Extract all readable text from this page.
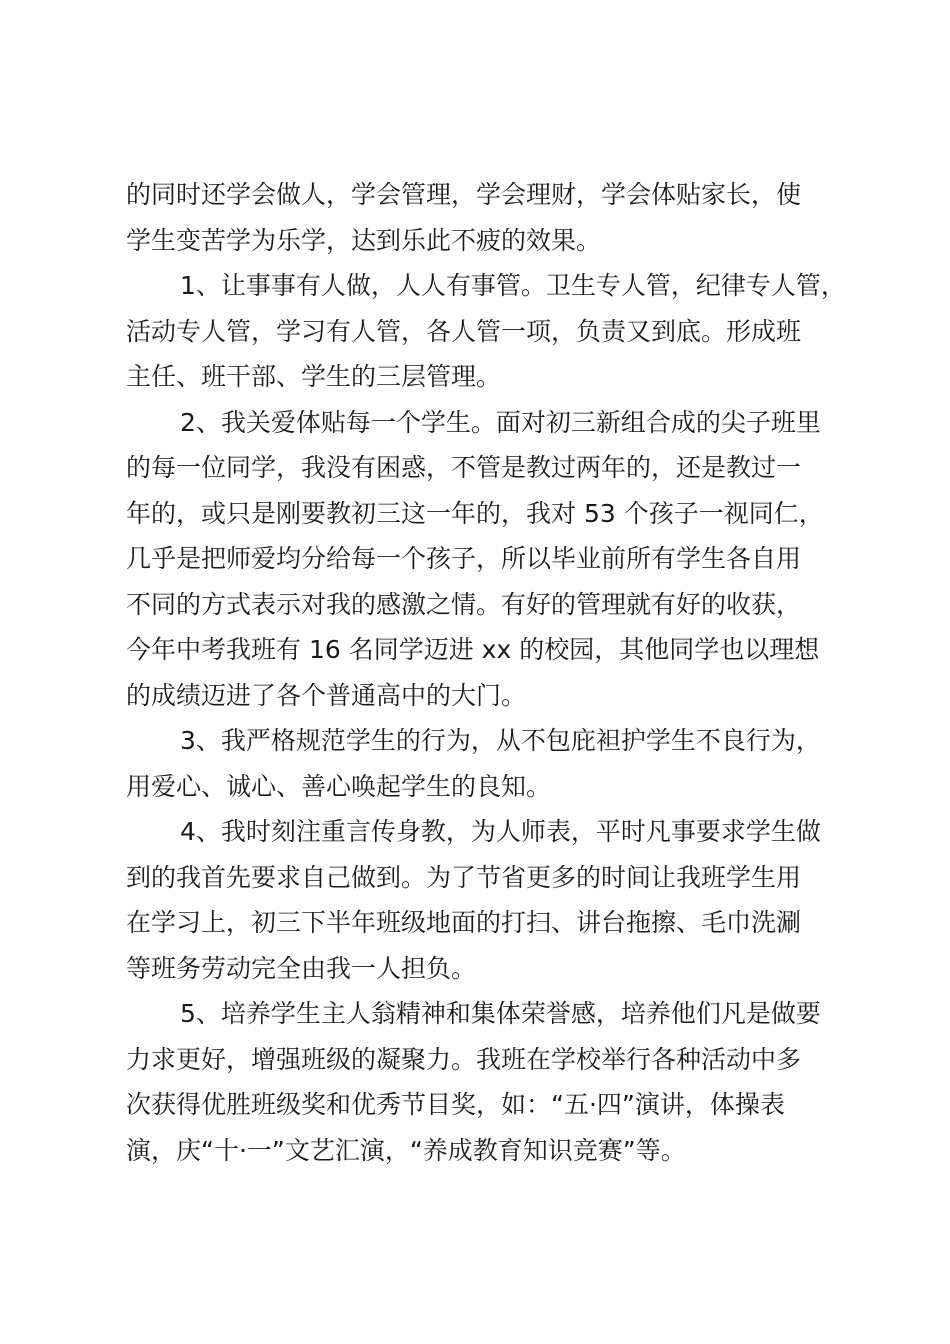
的同时还学会做人，学会管理，学会理财，学会体贴家长，使

学生变苦学为乐学，达到乐此不疲的效果。

1、让事事有人做，人人有事管。卫生专人管，纪律专人管，

活动专人管，学习有人管，各人管一项，负责又到底。形成班

主任、班干部、学生的三层管理。

2、我关爱体贴每一个学生。面对初三新组合成的尖子班里

的每一位同学，我没有困惑，不管是教过两年的，还是教过一

年的，或只是刚要教初三这一年的，我对 53 个孩子一视同仁，

几乎是把师爱均分给每一个孩子，所以毕业前所有学生各自用

不同的方式表示对我的感激之情。有好的管理就有好的收获，

今年中考我班有 16 名同学迈进 xx 的校园，其他同学也以理想

的成绩迈进了各个普通高中的大门。

3、我严格规范学生的行为，从不包庇袒护学生不良行为，

用爱心、诚心、善心唤起学生的良知。

4、我时刻注重言传身教，为人师表，平时凡事要求学生做

到的我首先要求自己做到。为了节省更多的时间让我班学生用

在学习上，初三下半年班级地面的打扫、讲台拖擦、毛巾洗涮

等班务劳动完全由我一人担负。

5、培养学生主人翁精神和集体荣誉感，培养他们凡是做要

力求更好，增强班级的凝聚力。我班在学校举行各种活动中多

次获得优胜班级奖和优秀节目奖，如：“五·四”演讲，体操表

演，庆“十·一”文艺汇演，“养成教育知识竞赛”等。
